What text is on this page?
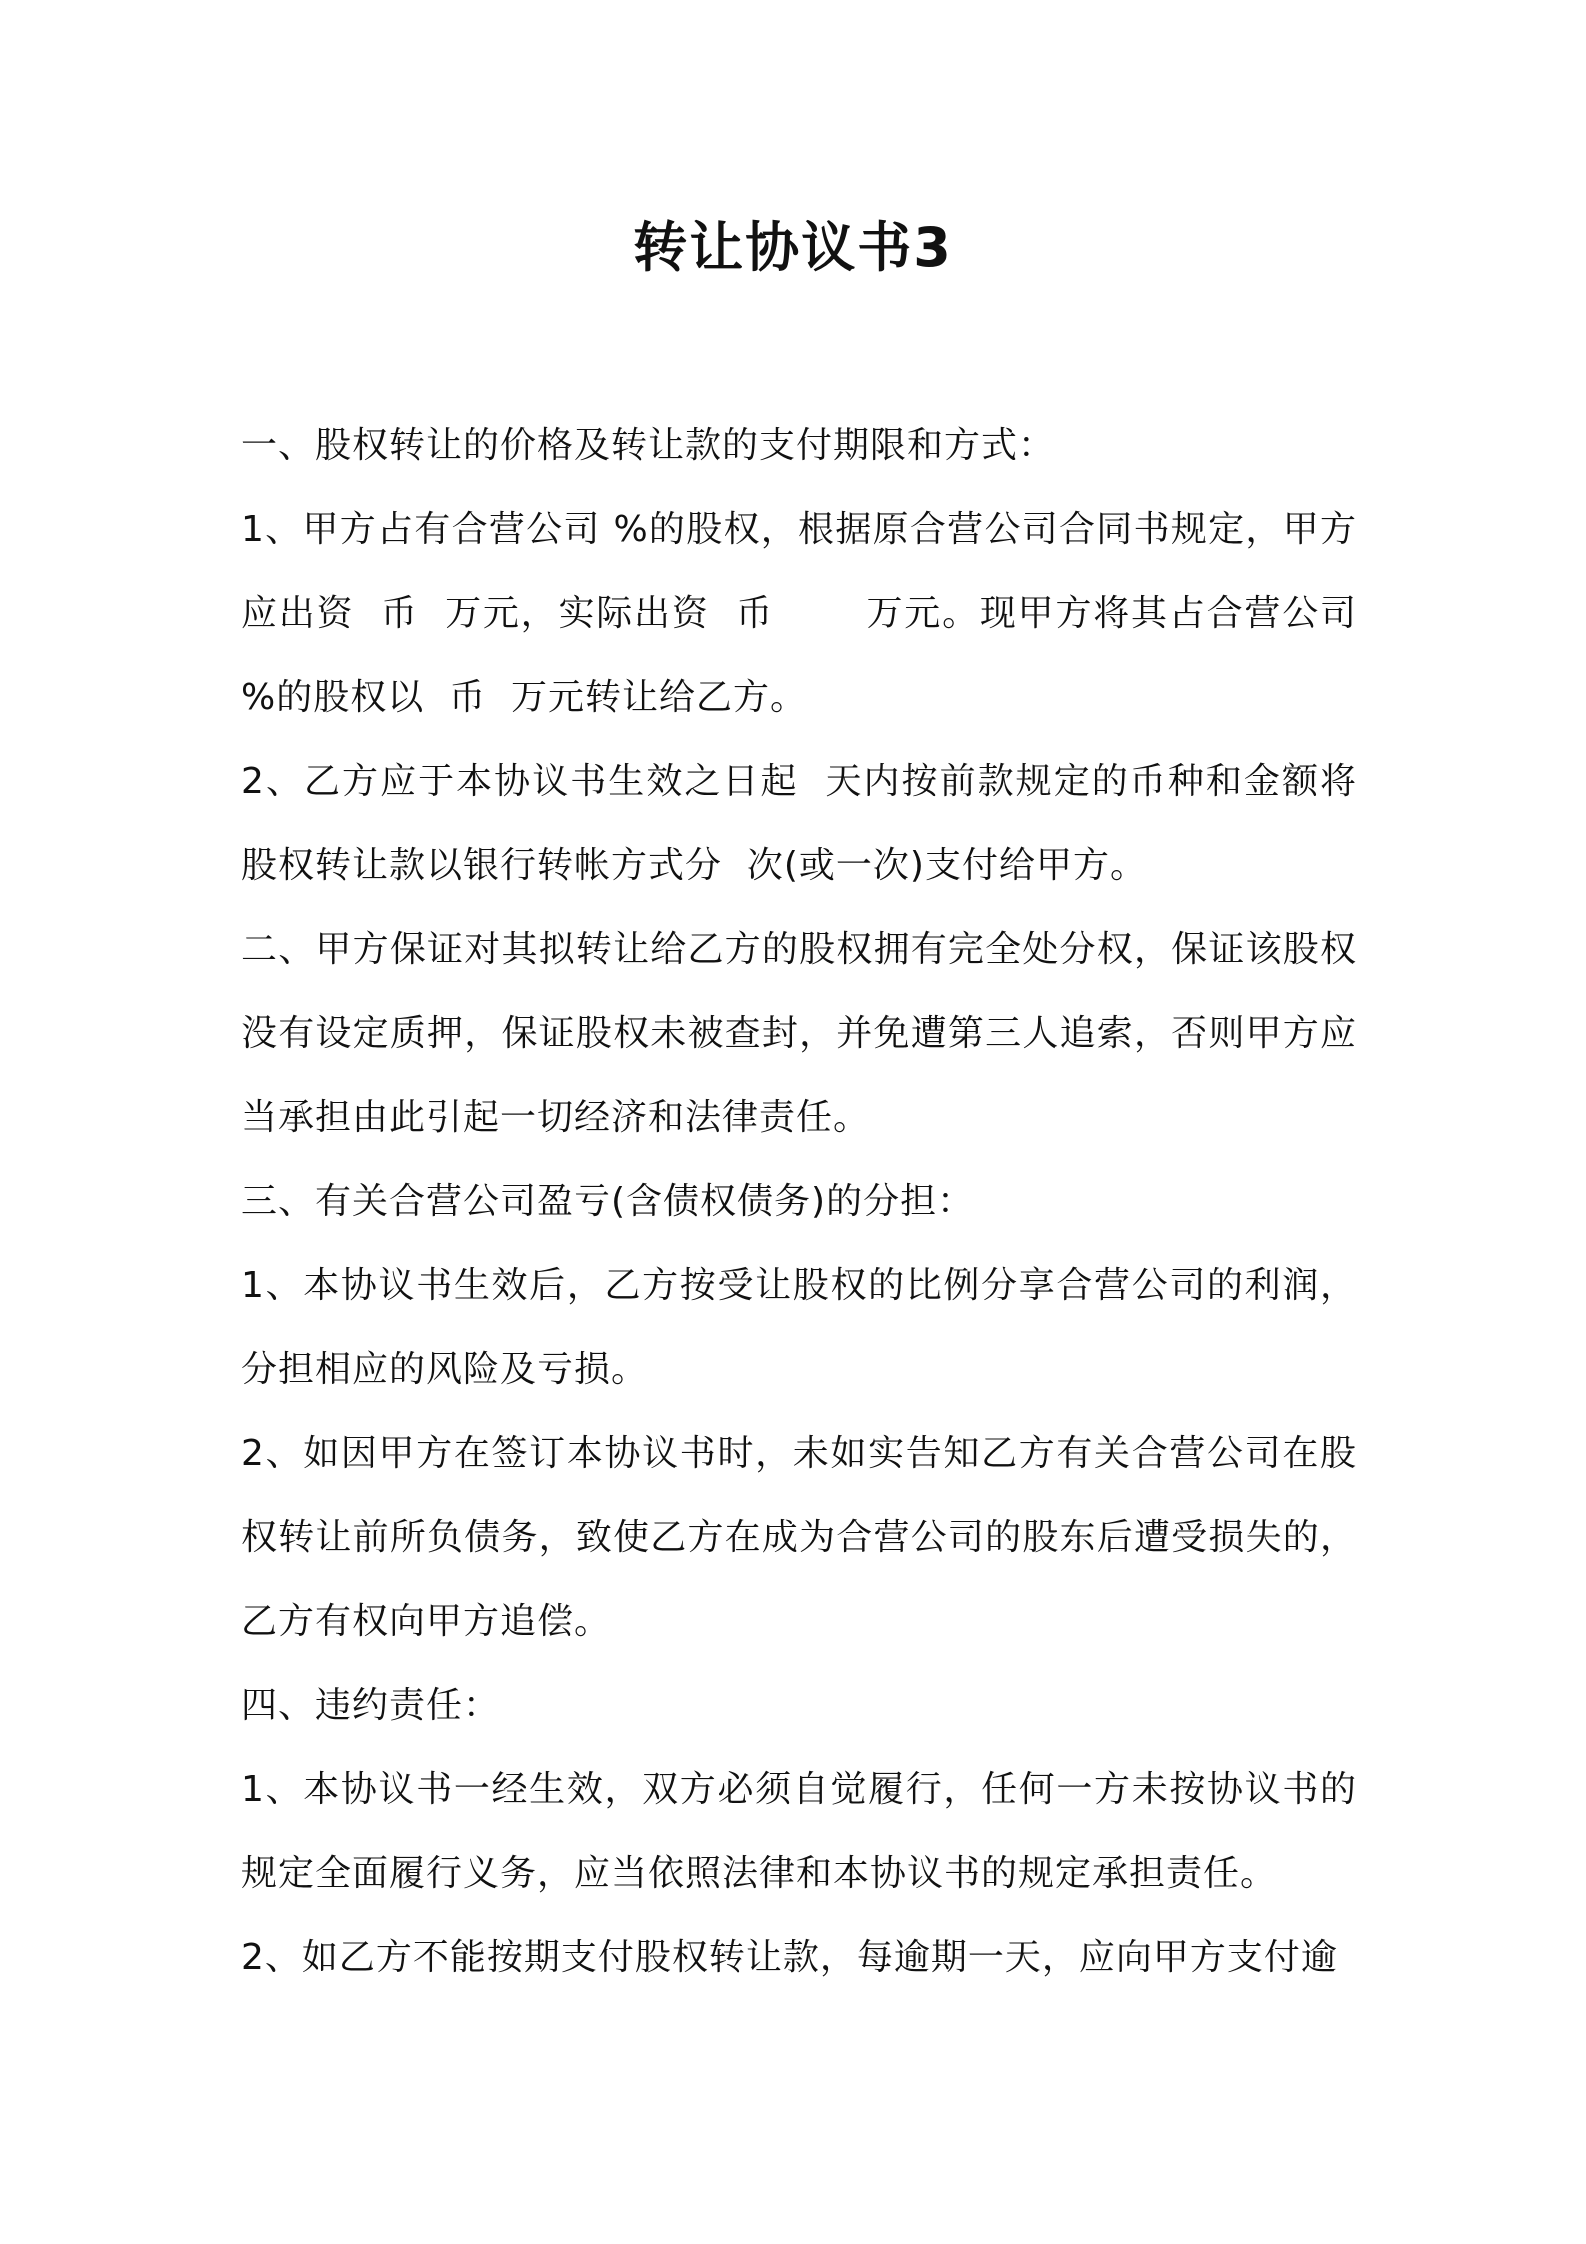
转让协议书3

一、股权转让的价格及转让款的支付期限和方式：

1、甲方占有合营公司 %的股权，根据原合营公司合同书规定，甲方应出资  币  万元，实际出资  币       万元。现甲方将其占合营公司 %的股权以  币  万元转让给乙方。

2、乙方应于本协议书生效之日起  天内按前款规定的币种和金额将股权转让款以银行转帐方式分  次(或一次)支付给甲方。

二、甲方保证对其拟转让给乙方的股权拥有完全处分权，保证该股权没有设定质押，保证股权未被查封，并免遭第三人追索，否则甲方应当承担由此引起一切经济和法律责任。

三、有关合营公司盈亏(含债权债务)的分担：

1、本协议书生效后，乙方按受让股权的比例分享合营公司的利润，分担相应的风险及亏损。

2、如因甲方在签订本协议书时，未如实告知乙方有关合营公司在股权转让前所负债务，致使乙方在成为合营公司的股东后遭受损失的，乙方有权向甲方追偿。

四、违约责任：

1、本协议书一经生效，双方必须自觉履行，任何一方未按协议书的规定全面履行义务，应当依照法律和本协议书的规定承担责任。

2、如乙方不能按期支付股权转让款，每逾期一天，应向甲方支付逾
